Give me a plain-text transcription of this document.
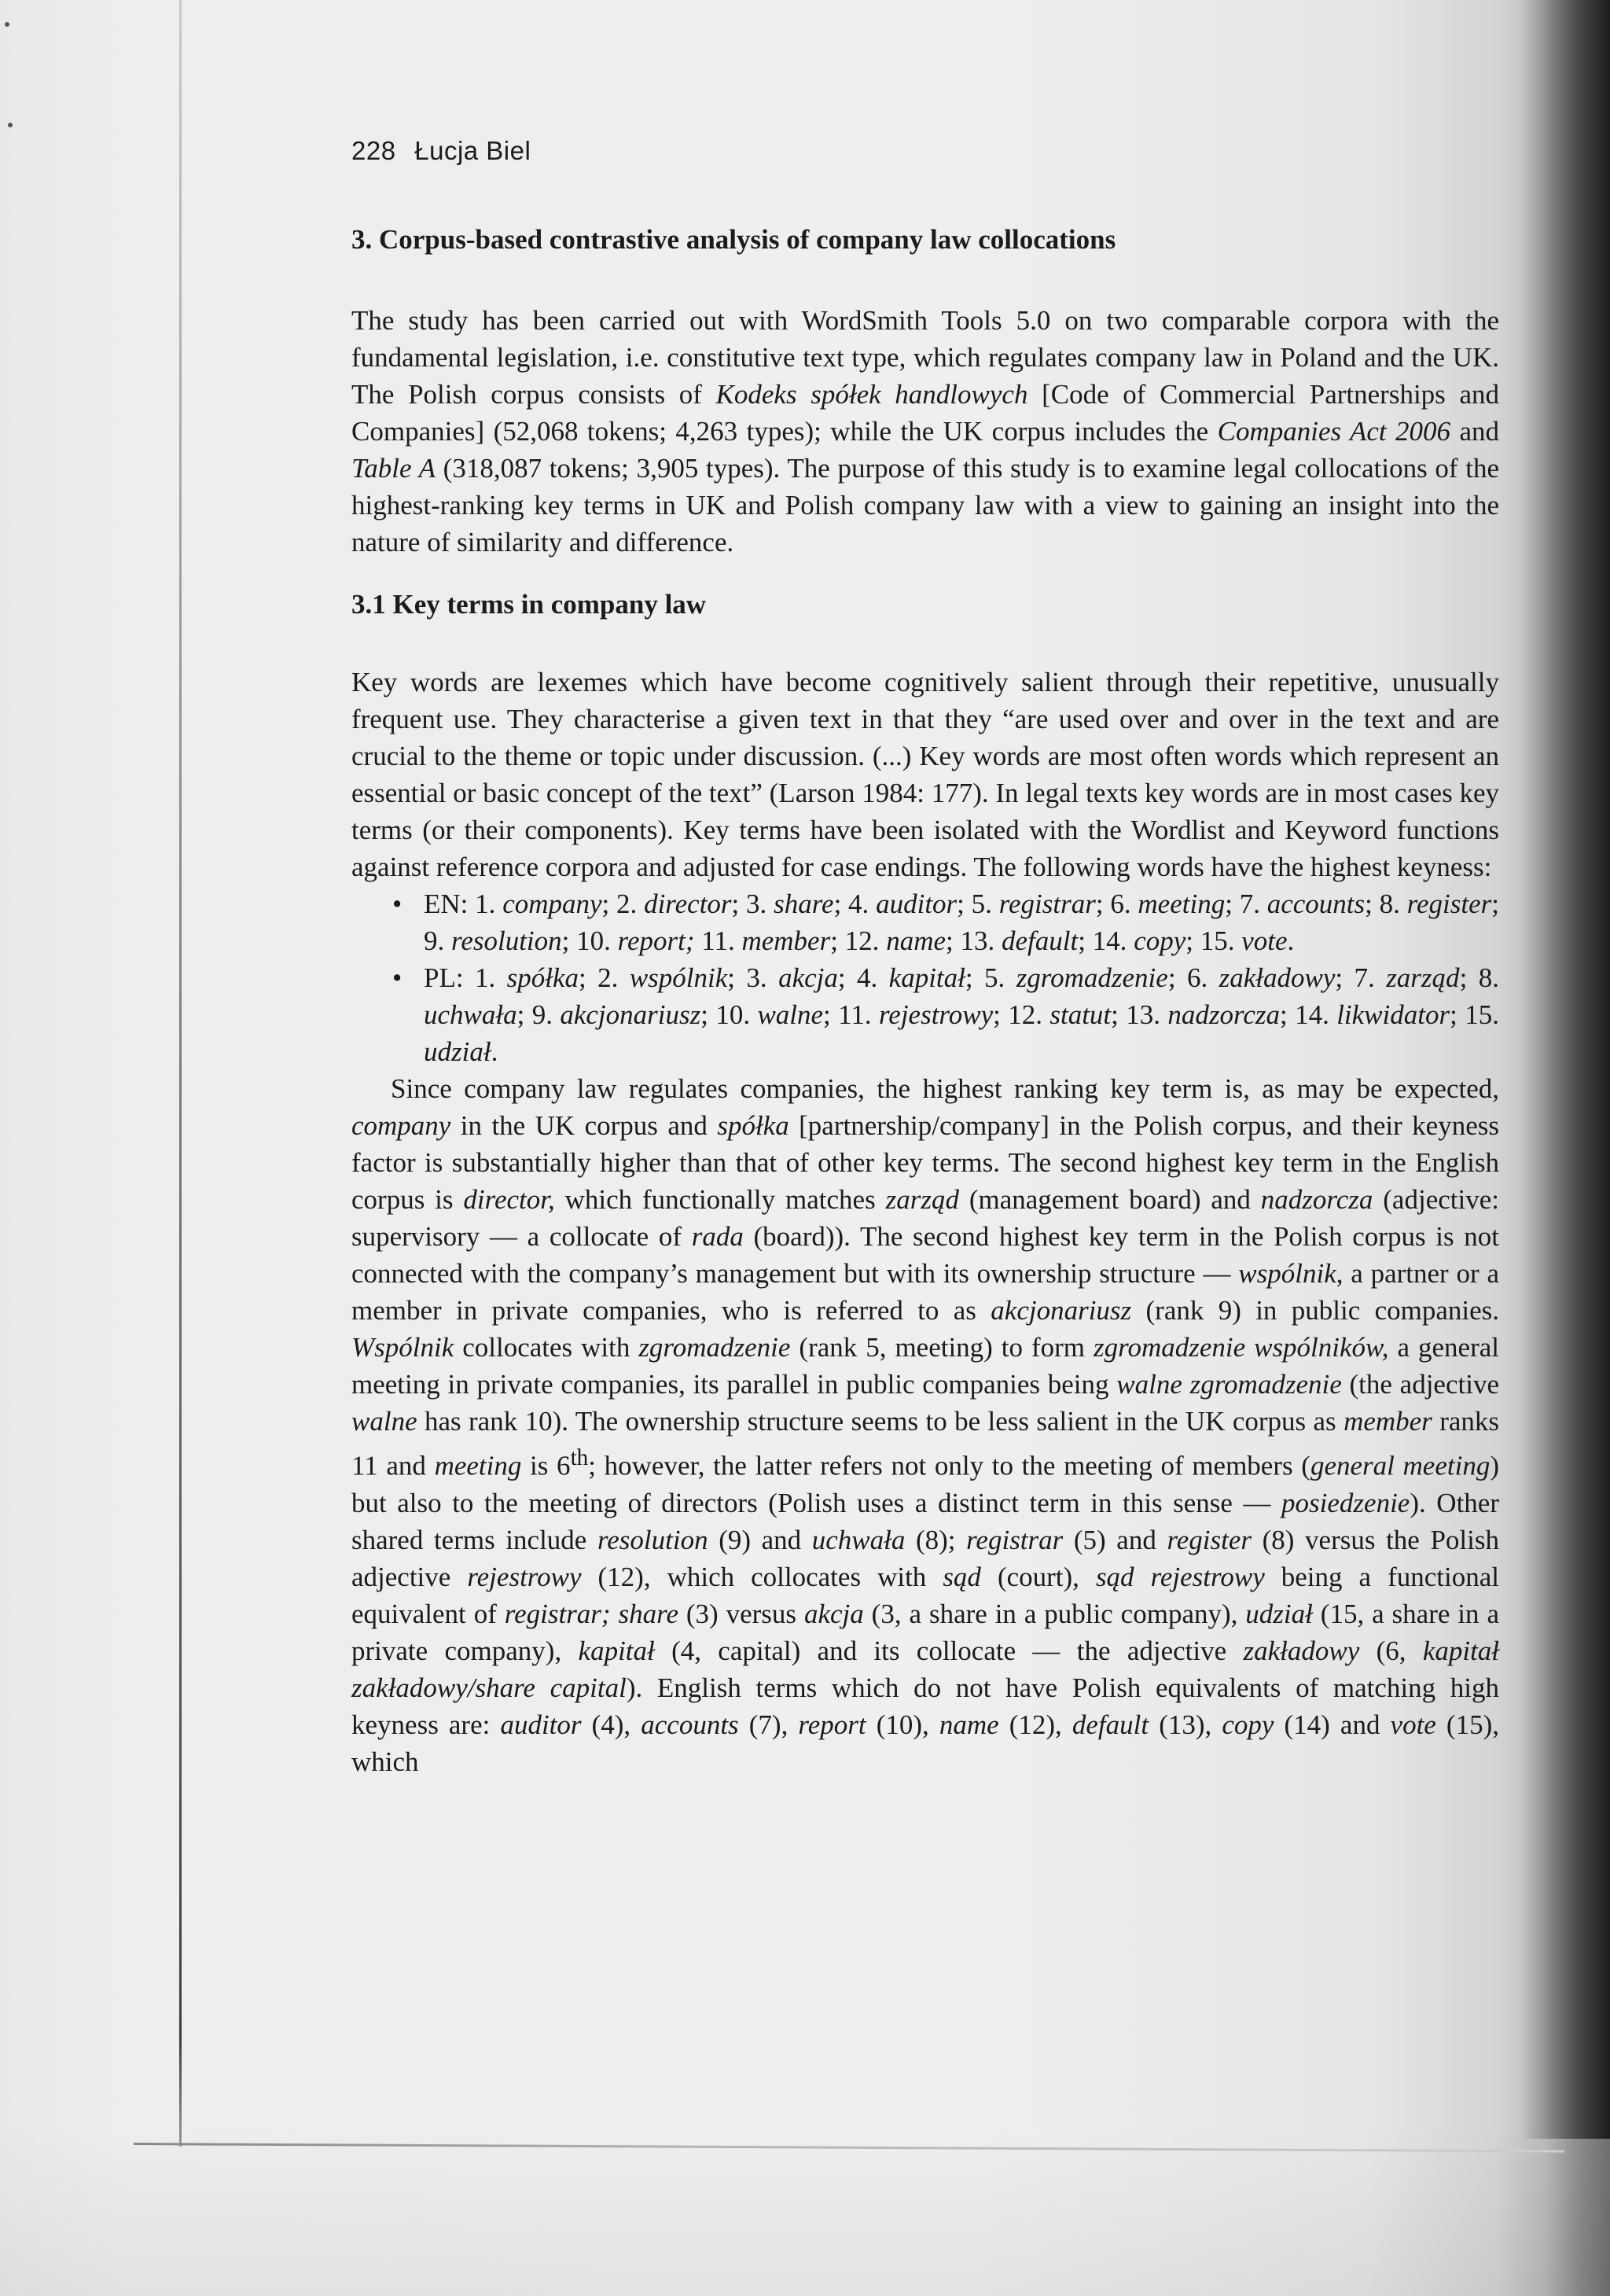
228 Łucja Biel
3. Corpus-based contrastive analysis of company law collocations

The study has been carried out with WordSmith Tools 5.0 on two comparable corpora with the fundamental legislation, i.e. constitutive text type, which regulates company law in Poland and the UK. The Polish corpus consists of Kodeks spółek handlowych [Code of Commercial Partnerships and Companies] (52,068 tokens; 4,263 types); while the UK corpus includes the Companies Act 2006 and Table A (318,087 tokens; 3,905 types). The purpose of this study is to examine legal collocations of the highest-ranking key terms in UK and Polish company law with a view to gaining an insight into the nature of similarity and difference.

3.1 Key terms in company law

Key words are lexemes which have become cognitively salient through their repetitive, unusually frequent use. They characterise a given text in that they “are used over and over in the text and are crucial to the theme or topic under discussion. (...) Key words are most often words which represent an essential or basic concept of the text” (Larson 1984: 177). In legal texts key words are in most cases key terms (or their components). Key terms have been isolated with the Wordlist and Keyword functions against reference corpora and adjusted for case endings. The following words have the highest keyness:

• EN: 1. company; 2. director; 3. share; 4. auditor; 5. registrar; 6. meeting; 7. accounts; 8. register; 9. resolution; 10. report; 11. member; 12. name; 13. default; 14. copy; 15. vote.
• PL: 1. spółka; 2. wspólnik; 3. akcja; 4. kapitał; 5. zgromadzenie; 6. zakładowy; 7. zarząd; 8. uchwała; 9. akcjonariusz; 10. walne; 11. rejestrowy; 12. statut; 13. nadzorcza; 14. likwidator; 15. udział.

Since company law regulates companies, the highest ranking key term is, as may be expected, company in the UK corpus and spółka [partnership/company] in the Polish corpus, and their keyness factor is substantially higher than that of other key terms. The second highest key term in the English corpus is director, which functionally matches zarząd (management board) and nadzorcza (adjective: supervisory — a collocate of rada (board)). The second highest key term in the Polish corpus is not connected with the company’s management but with its ownership structure — wspólnik, a partner or a member in private companies, who is referred to as akcjonariusz (rank 9) in public companies. Wspólnik collocates with zgromadzenie (rank 5, meeting) to form zgromadzenie wspólników, a general meeting in private companies, its parallel in public companies being walne zgromadzenie (the adjective walne has rank 10). The ownership structure seems to be less salient in the UK corpus as member ranks 11 and meeting is 6th; however, the latter refers not only to the meeting of members (general meeting) but also to the meeting of directors (Polish uses a distinct term in this sense — posiedzenie). Other shared terms include resolution (9) and uchwała (8); registrar (5) and register (8) versus the Polish adjective rejestrowy (12), which collocates with sąd (court), sąd rejestrowy being a functional equivalent of registrar; share (3) versus akcja (3, a share in a public company), udział (15, a share in a private company), kapitał (4, capital) and its collocate — the adjective zakładowy (6, kapitał zakładowy/share capital). English terms which do not have Polish equivalents of matching high keyness are: auditor (4), accounts (7), report (10), name (12), default (13), copy (14) and vote (15), which
